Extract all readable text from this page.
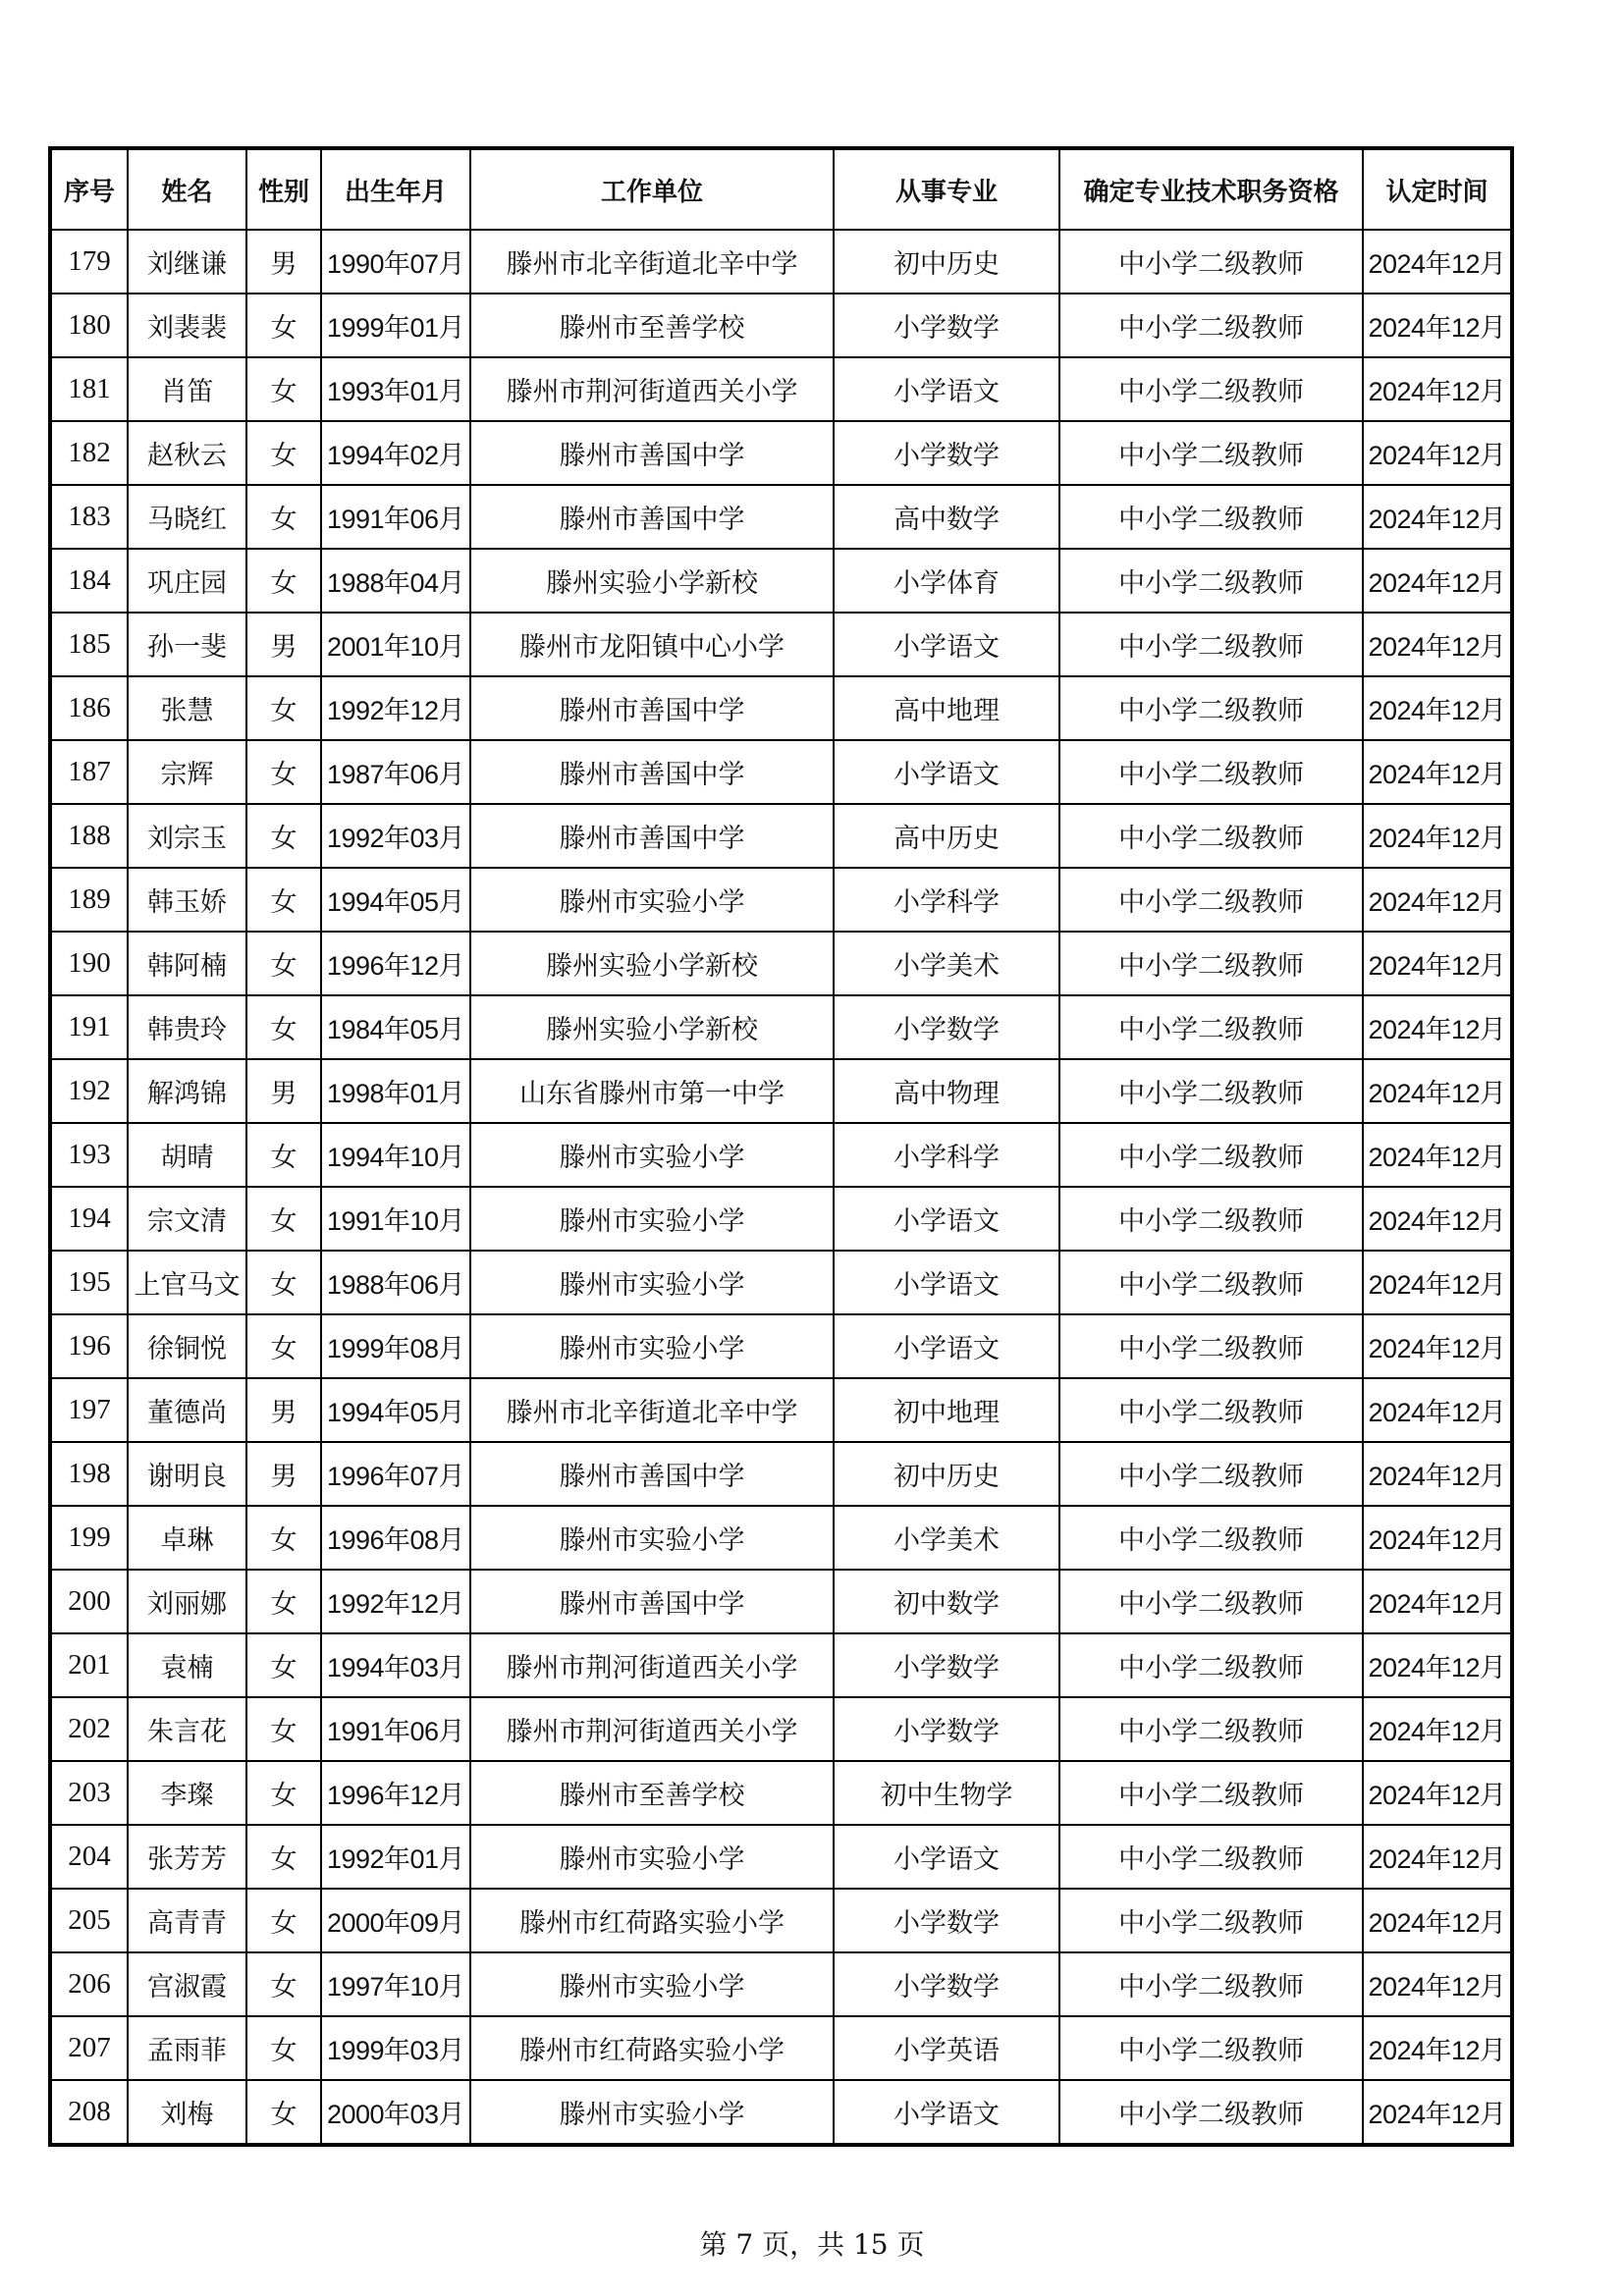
序号	姓名	性别	出生年月	工作单位	从事专业	确定专业技术职务资格	认定时间
179	刘继谦	男	1990年07月	滕州市北辛街道北辛中学	初中历史	中小学二级教师	2024年12月
180	刘裴裴	女	1999年01月	滕州市至善学校	小学数学	中小学二级教师	2024年12月
181	肖笛	女	1993年01月	滕州市荆河街道西关小学	小学语文	中小学二级教师	2024年12月
182	赵秋云	女	1994年02月	滕州市善国中学	小学数学	中小学二级教师	2024年12月
183	马晓红	女	1991年06月	滕州市善国中学	高中数学	中小学二级教师	2024年12月
184	巩庄园	女	1988年04月	滕州实验小学新校	小学体育	中小学二级教师	2024年12月
185	孙一斐	男	2001年10月	滕州市龙阳镇中心小学	小学语文	中小学二级教师	2024年12月
186	张慧	女	1992年12月	滕州市善国中学	高中地理	中小学二级教师	2024年12月
187	宗辉	女	1987年06月	滕州市善国中学	小学语文	中小学二级教师	2024年12月
188	刘宗玉	女	1992年03月	滕州市善国中学	高中历史	中小学二级教师	2024年12月
189	韩玉娇	女	1994年05月	滕州市实验小学	小学科学	中小学二级教师	2024年12月
190	韩阿楠	女	1996年12月	滕州实验小学新校	小学美术	中小学二级教师	2024年12月
191	韩贵玲	女	1984年05月	滕州实验小学新校	小学数学	中小学二级教师	2024年12月
192	解鸿锦	男	1998年01月	山东省滕州市第一中学	高中物理	中小学二级教师	2024年12月
193	胡晴	女	1994年10月	滕州市实验小学	小学科学	中小学二级教师	2024年12月
194	宗文清	女	1991年10月	滕州市实验小学	小学语文	中小学二级教师	2024年12月
195	上官马文	女	1988年06月	滕州市实验小学	小学语文	中小学二级教师	2024年12月
196	徐铜悦	女	1999年08月	滕州市实验小学	小学语文	中小学二级教师	2024年12月
197	董德尚	男	1994年05月	滕州市北辛街道北辛中学	初中地理	中小学二级教师	2024年12月
198	谢明良	男	1996年07月	滕州市善国中学	初中历史	中小学二级教师	2024年12月
199	卓琳	女	1996年08月	滕州市实验小学	小学美术	中小学二级教师	2024年12月
200	刘丽娜	女	1992年12月	滕州市善国中学	初中数学	中小学二级教师	2024年12月
201	袁楠	女	1994年03月	滕州市荆河街道西关小学	小学数学	中小学二级教师	2024年12月
202	朱言花	女	1991年06月	滕州市荆河街道西关小学	小学数学	中小学二级教师	2024年12月
203	李璨	女	1996年12月	滕州市至善学校	初中生物学	中小学二级教师	2024年12月
204	张芳芳	女	1992年01月	滕州市实验小学	小学语文	中小学二级教师	2024年12月
205	高青青	女	2000年09月	滕州市红荷路实验小学	小学数学	中小学二级教师	2024年12月
206	宫淑霞	女	1997年10月	滕州市实验小学	小学数学	中小学二级教师	2024年12月
207	孟雨菲	女	1999年03月	滕州市红荷路实验小学	小学英语	中小学二级教师	2024年12月
208	刘梅	女	2000年03月	滕州市实验小学	小学语文	中小学二级教师	2024年12月
第 7 页，共 15 页
